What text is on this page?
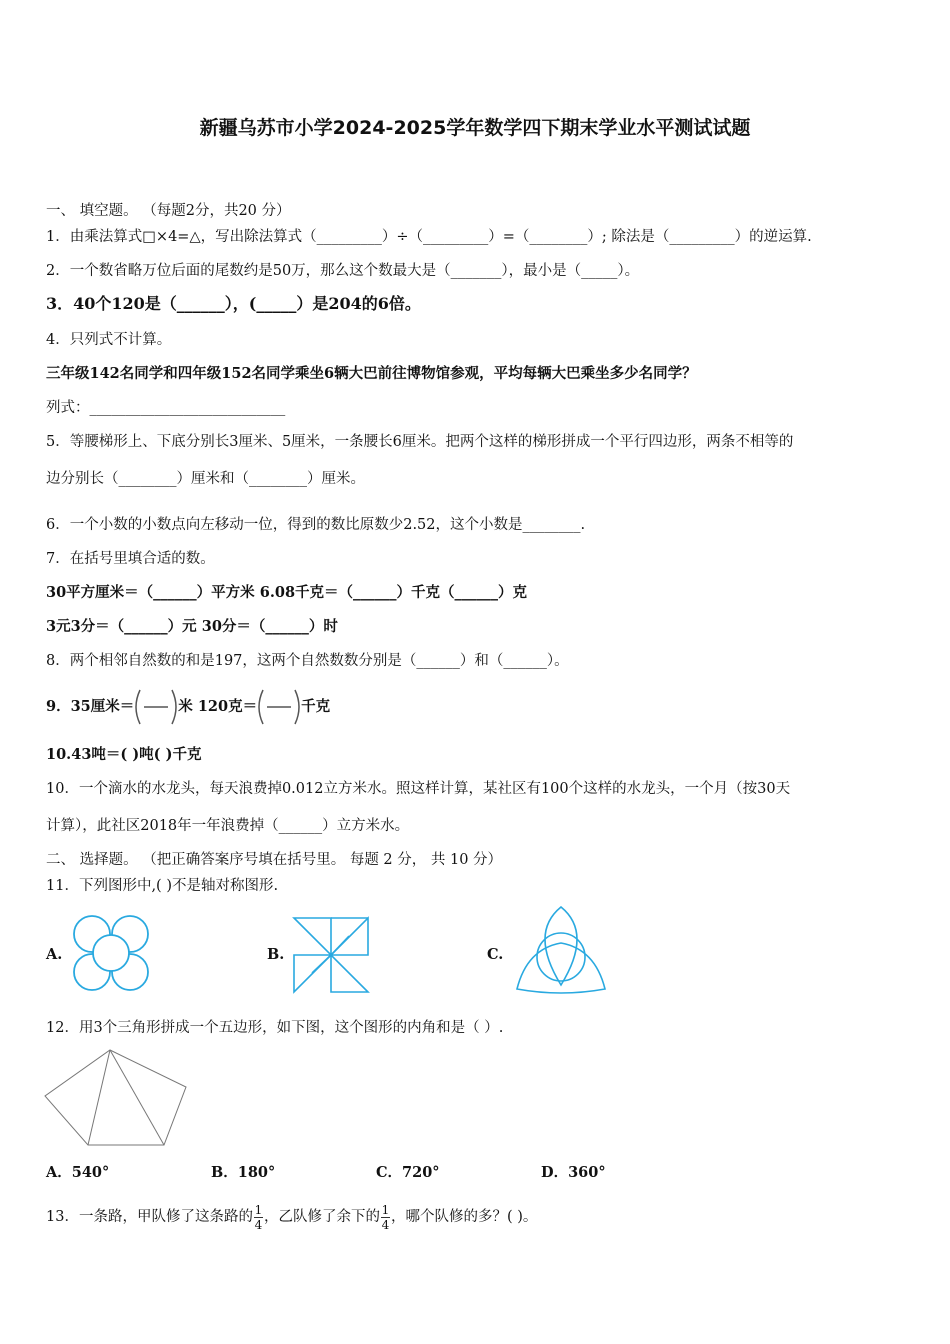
新疆乌苏市小学2024-2025学年数学四下期末学业水平测试试题
一、 填空题。 （每题2分，共20 分）
1．由乘法算式□×4=△，写出除法算式（_________）÷（_________）=（________）; 除法是（_________）的逆运算.
2．一个数省略万位后面的尾数约是50万，那么这个数最大是（_______），最小是（_____）。
3．40个120是（______），(_____）是204的6倍。
4．只列式不计算。
三年级142名同学和四年级152名同学乘坐6辆大巴前往博物馆参观，平均每辆大巴乘坐多少名同学？
列式：___________________________
5．等腰梯形上、下底分别长3厘米、5厘米，一条腰长6厘米。把两个这样的梯形拼成一个平行四边形，两条不相等的
边分别长（________）厘米和（________）厘米。
6．一个小数的小数点向左移动一位，得到的数比原数少2.52，这个小数是________.
7．在括号里填合适的数。
30平方厘米＝（______）平方米 6.08千克＝（______）千克（______）克
3元3分＝（______）元 30分＝（______）时
8．两个相邻自然数的和是197，这两个自然数数分别是（______）和（______）。
9．35厘米＝	米 120克＝	千克
10.43吨＝( )吨( )千克
10．一个滴水的水龙头，每天浪费掉0.012立方米水。照这样计算，某社区有100个这样的水龙头，一个月（按30天
计算），此社区2018年一年浪费掉（______）立方米水。
二、 选择题。 （把正确答案序号填在括号里。 每题 2 分， 共 10 分）
11．下列图形中,( )不是轴对称图形.
A.	B.	C.
12．用3个三角形拼成一个五边形，如下图，这个图形的内角和是（ ）.
A．540°	B．180°	C．720°	D．360°
13．一条路，甲队修了这条路的 $\frac{1}{4}$ ，乙队修了余下的 $\frac{1}{4}$ ，哪个队修的多？( )。
